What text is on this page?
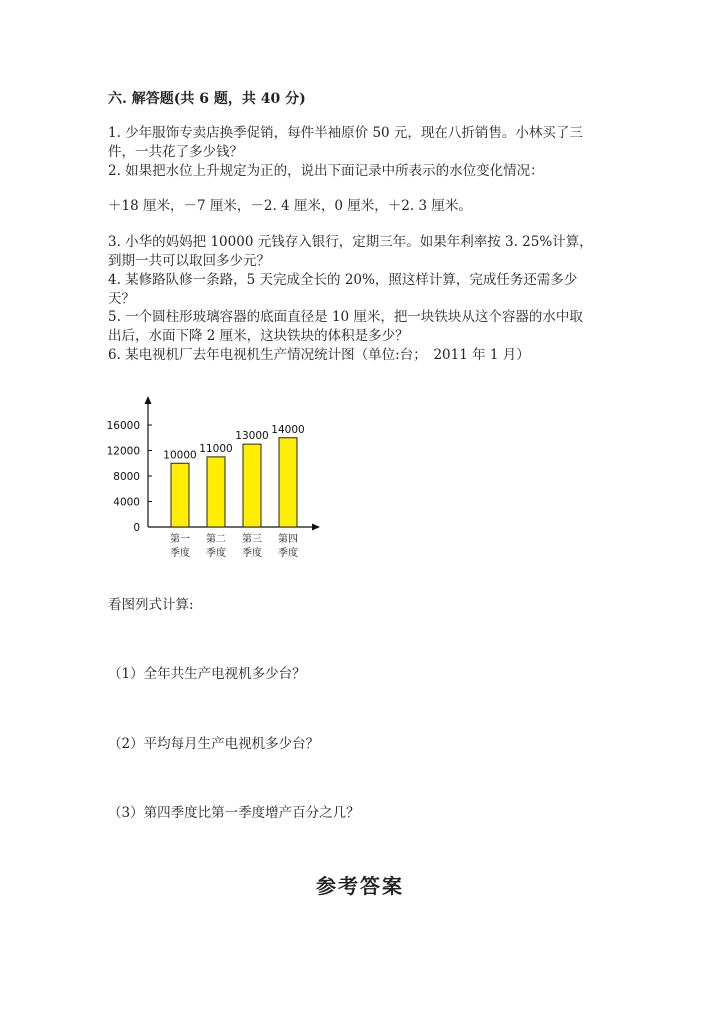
六. 解答题(共 6 题，共 40 分)
1. 少年服饰专卖店换季促销，每件半袖原价 50 元，现在八折销售。小林买了三
件，一共花了多少钱？
2. 如果把水位上升规定为正的，说出下面记录中所表示的水位变化情况：
＋18 厘米，－7 厘米，－2. 4 厘米，0 厘米，＋2. 3 厘米。
3. 小华的妈妈把 10000 元钱存入银行，定期三年。如果年利率按 3. 25%计算，
到期一共可以取回多少元？
4. 某修路队修一条路，5 天完成全长的 20%，照这样计算，完成任务还需多少
天？
5. 一个圆柱形玻璃容器的底面直径是 10 厘米，把一块铁块从这个容器的水中取
出后，水面下降 2 厘米，这块铁块的体积是多少？
6. 某电视机厂去年电视机生产情况统计图（单位:台；　2011 年 1 月）
0
4000
8000
12000
16000
10000
第一
季度
11000
第二
季度
13000
第三
季度
14000
第四
季度
看图列式计算:
（1）全年共生产电视机多少台？
（2）平均每月生产电视机多少台？
（3）第四季度比第一季度增产百分之几？
参考答案
